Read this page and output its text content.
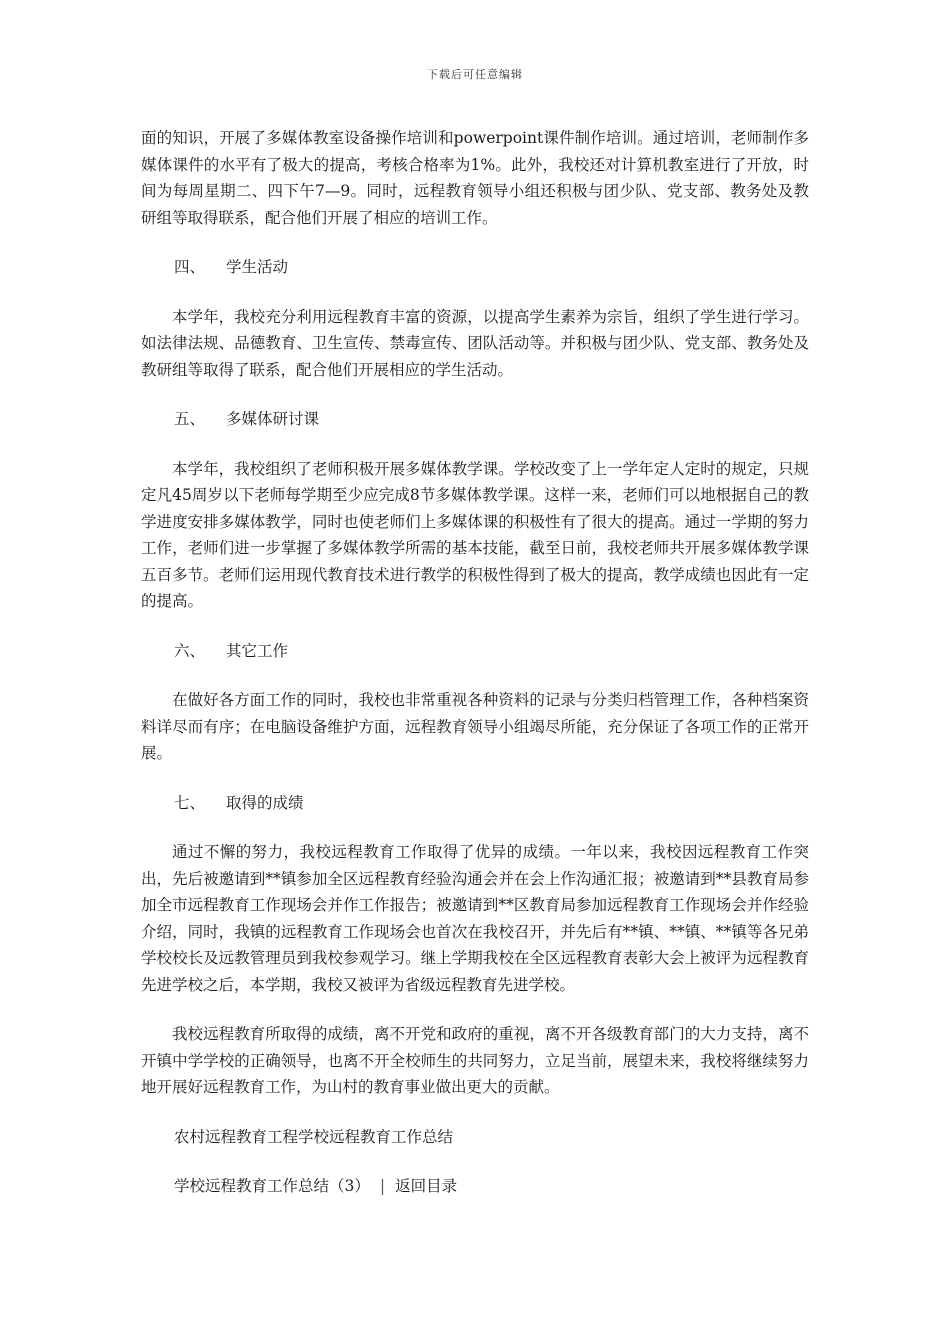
下载后可任意编辑

面的知识，开展了多媒体教室设备操作培训和powerpoint课件制作培训。通过培训，老师制作多媒体课件的水平有了极大的提高，考核合格率为1%。此外，我校还对计算机教室进行了开放，时间为每周星期二、四下午7—9。同时，远程教育领导小组还积极与团少队、党支部、教务处及教研组等取得联系，配合他们开展了相应的培训工作。

四、 学生活动

本学年，我校充分利用远程教育丰富的资源，以提高学生素养为宗旨，组织了学生进行学习。如法律法规、品德教育、卫生宣传、禁毒宣传、团队活动等。并积极与团少队、党支部、教务处及教研组等取得了联系，配合他们开展相应的学生活动。

五、 多媒体研讨课

本学年，我校组织了老师积极开展多媒体教学课。学校改变了上一学年定人定时的规定，只规定凡45周岁以下老师每学期至少应完成8节多媒体教学课。这样一来，老师们可以地根据自己的教学进度安排多媒体教学，同时也使老师们上多媒体课的积极性有了很大的提高。通过一学期的努力工作，老师们进一步掌握了多媒体教学所需的基本技能，截至日前，我校老师共开展多媒体教学课五百多节。老师们运用现代教育技术进行教学的积极性得到了极大的提高，教学成绩也因此有一定的提高。

六、 其它工作

在做好各方面工作的同时，我校也非常重视各种资料的记录与分类归档管理工作，各种档案资料详尽而有序；在电脑设备维护方面，远程教育领导小组竭尽所能，充分保证了各项工作的正常开展。

七、 取得的成绩

通过不懈的努力，我校远程教育工作取得了优异的成绩。一年以来，我校因远程教育工作突出，先后被邀请到**镇参加全区远程教育经验沟通会并在会上作沟通汇报；被邀请到**县教育局参加全市远程教育工作现场会并作工作报告；被邀请到**区教育局参加远程教育工作现场会并作经验介绍，同时，我镇的远程教育工作现场会也首次在我校召开，并先后有**镇、**镇、**镇等各兄弟学校校长及远教管理员到我校参观学习。继上学期我校在全区远程教育表彰大会上被评为远程教育先进学校之后，本学期，我校又被评为省级远程教育先进学校。

我校远程教育所取得的成绩，离不开党和政府的重视，离不开各级教育部门的大力支持，离不开镇中学学校的正确领导，也离不开全校师生的共同努力，立足当前，展望未来，我校将继续努力地开展好远程教育工作，为山村的教育事业做出更大的贡献。

农村远程教育工程学校远程教育工作总结
学校远程教育工作总结（3） | 返回目录
